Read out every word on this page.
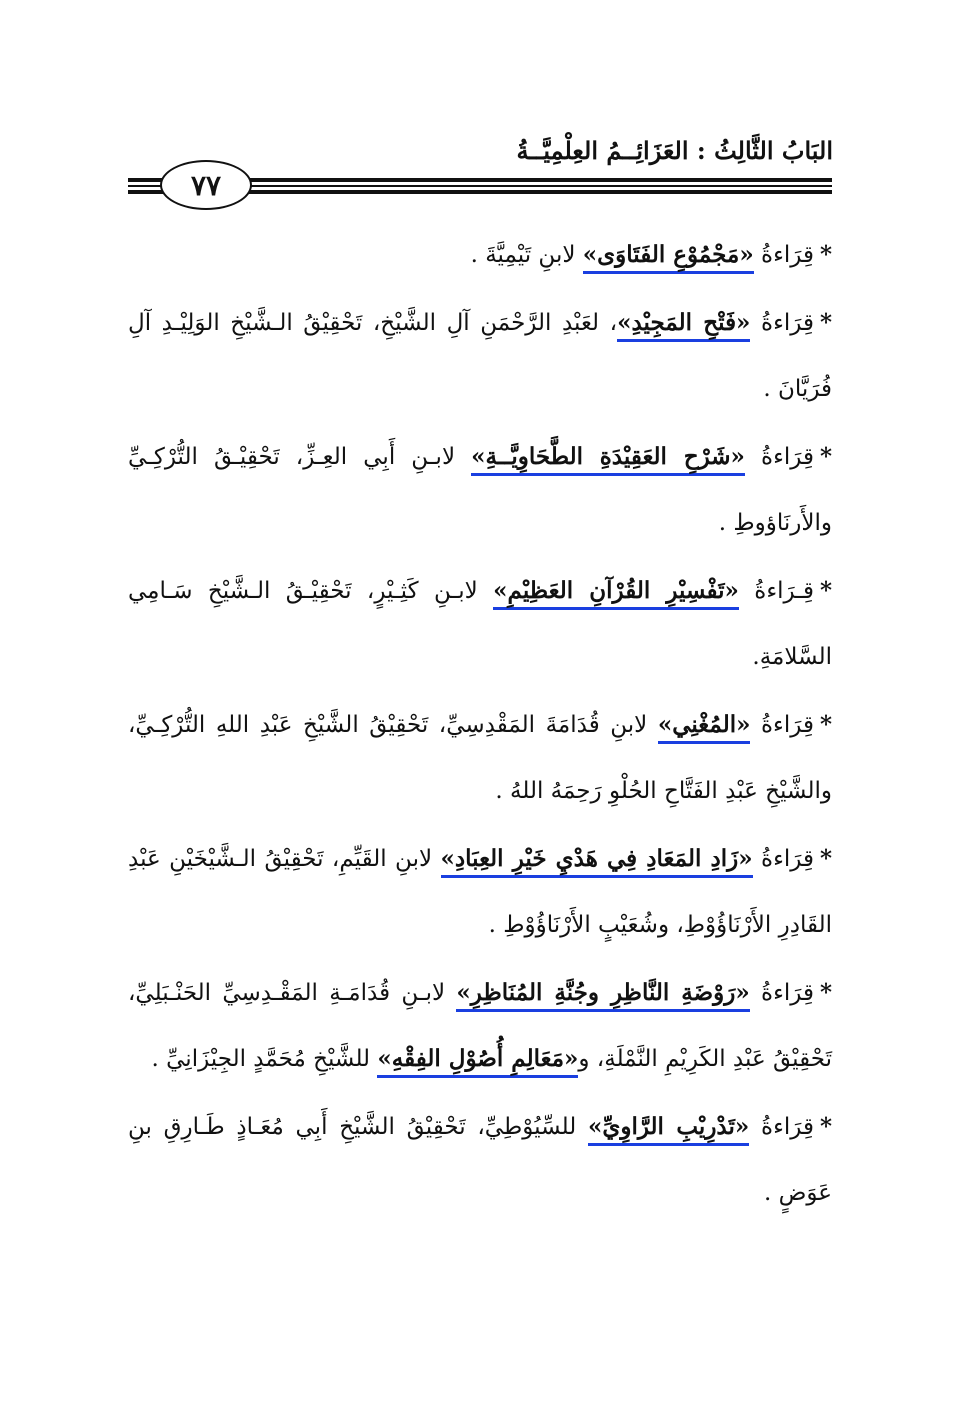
البَابُ الثَّالِثُ : العَزَائِــمُ العِلْمِيَّــةُ
٧٧

*قِرَاءةُ «مَجْمُوْعِ الفَتَاوَى» لابنِ تَيْمِيَّةَ .

*قِرَاءةُ «فَتْحِ المَجِيْدِ»، لعَبْدِ الرَّحْمَنِ آلِ الشَّيْخِ، تَحْقِيْقُ الـشَّيْخِ الوَلِيْـدِ آلِ فُرَيَّانَ .

*قِرَاءةُ «شَرْحِ العَقِيْدَةِ الطَّحَاوِيَّــةِ» لابـنِ أَبِي العِـزِّ، تَحْقِيْـقُ التُّرْكِـيِّ والأَرنَاؤوطِ .

*قِـرَاءةُ «تَفْسِيْرِ القُرْآنِ العَظِيْمِ» لابـنِ كَثِـيْرٍ، تَحْقِيْـقُ الـشَّيْخِ سَـامِي السَّلامَةِ.

*قِرَاءةُ «المُغْنِي» لابنِ قُدَامَةَ المَقْدِسِيِّ، تَحْقِيْقُ الشَّيْخِ عَبْدِ اللهِ التُّرْكِـيِّ، والشَّيْخِ عَبْدِ الفَتَّاحِ الحُلْوِ رَحِمَهُ اللهُ .

*قِرَاءةُ «زَادِ المَعَادِ فِي هَدْيِ خَيْرِ العِبَادِ» لابنِ القَيِّمِ، تَحْقِيْقُ الـشَّيْخَيْنِ عَبْدِ القَادِرِ الأَرْنَاؤُوْطِ، وشُعَيْبٍ الأَرْنَاؤُوْطِ .

*قِرَاءةُ «رَوْضَةِ النَّاظِرِ وجُنَّةِ المُنَاظِرِ» لابـنِ قُدَامَـةِ المَقْـدِسِيِّ الحَنْـبَلِيِّ، تَحْقِيْقُ عَبْدِ الكَرِيْمِ النَّمْلَةِ، و«مَعَالِمِ أُصُوْلِ الفِقْهِ» للشَّيْخِ مُحَمَّدٍ الجِيْزَانِيِّ .

*قِرَاءةُ «تَدْرِيْبِ الرَّاوِيِّ» للسِّيُوْطِيِّ، تَحْقِيْقُ الشَّيْخِ أَبِي مُعَـاذٍ طَـارِقِ بنِ عَوَضٍ .
